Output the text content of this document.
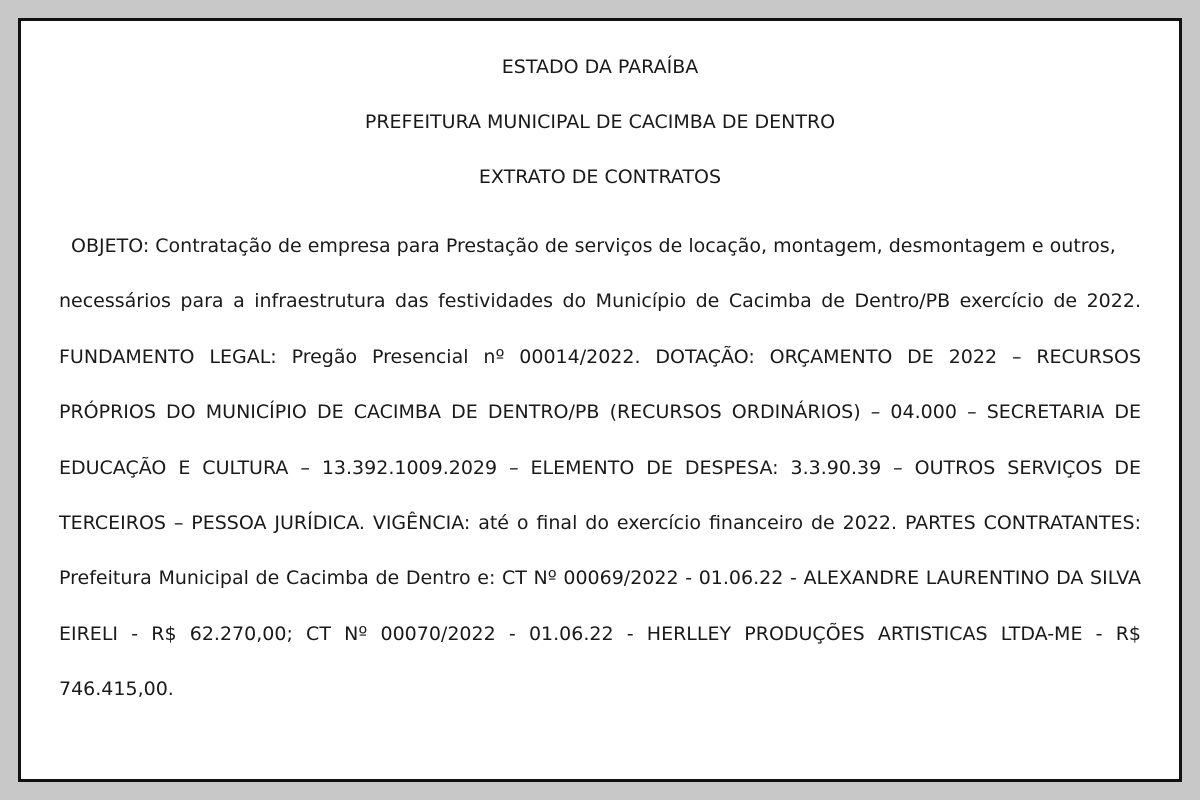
ESTADO DA PARAÍBA

PREFEITURA MUNICIPAL DE CACIMBA DE DENTRO

EXTRATO DE CONTRATOS

OBJETO: Contratação de empresa para Prestação de serviços de locação, montagem, desmontagem e outros,
necessários para a infraestrutura das festividades do Município de Cacimba de Dentro/PB exercício de 2022.
FUNDAMENTO LEGAL: Pregão Presencial nº 00014/2022. DOTAÇÃO: ORÇAMENTO DE 2022 – RECURSOS
PRÓPRIOS DO MUNICÍPIO DE CACIMBA DE DENTRO/PB (RECURSOS ORDINÁRIOS) – 04.000 – SECRETARIA DE
EDUCAÇÃO E CULTURA – 13.392.1009.2029 – ELEMENTO DE DESPESA: 3.3.90.39 – OUTROS SERVIÇOS DE
TERCEIROS – PESSOA JURÍDICA. VIGÊNCIA: até o final do exercício financeiro de 2022. PARTES CONTRATANTES:
Prefeitura Municipal de Cacimba de Dentro e: CT Nº 00069/2022 - 01.06.22 - ALEXANDRE LAURENTINO DA SILVA
EIRELI - R$ 62.270,00; CT Nº 00070/2022 - 01.06.22 - HERLLEY PRODUÇÕES ARTISTICAS LTDA-ME - R$
746.415,00.
